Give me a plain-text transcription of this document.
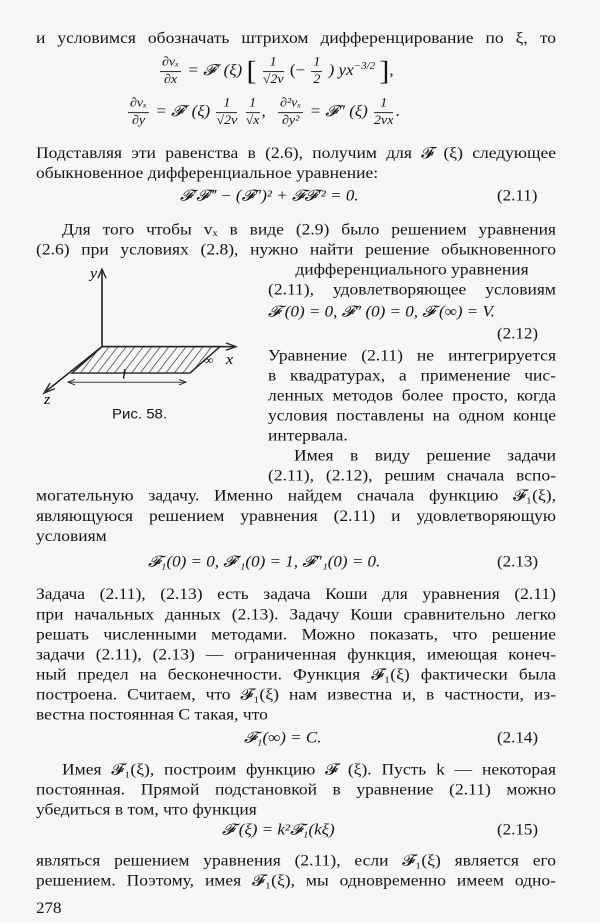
и условимся обозначать штрихом дифференцирование по ξ, то
$\frac{\text{∂vₓ}}{\partial x}$ = 𝓕′ (ξ) [ $\frac{1}{√2\nu}$ (− $\frac{1}{2}$ ) $yx^{-3/2}$ ],
$\frac{\text{∂vₓ}}{\partial y}$ = 𝓕′ $(\xi) \frac{1}{√2\nu}$
$\frac{1}{√x}$ , $\frac{\text{∂²vₓ}}{\text{∂y²}}$ = 𝓕″ $(\xi) \frac{1}{2\nu x}$ .
Подставляя эти равенства в (2.6), получим для 𝓕 (ξ) следующее
обыкновенное дифференциальное уравнение:
𝓕′𝓕‴ − (𝓕″)² + 𝓕𝓕′² = 0.	(2.11)
Для того чтобы vₓ в виде (2.9) было решением уравнения
(2.6) при условиях (2.8), нужно найти решение обыкновенного
дифференциального уравнения
(2.11), удовлетворяющее условиям
𝓕 (0) = 0, 𝓕″ (0) = 0, 𝓕 (∞) = V.
(2.12)
Уравнение (2.11) не интегрируется
в квадратурах, а применение чис-
ленных методов более просто, когда
условия поставлены на одном конце
интервала.
Имея в виду решение задачи
(2.11), (2.12), решим сначала вспо-
y
x
z
l
∞
Рис. 58.
могательную задачу. Именно найдем сначала функцию 𝓕₁(ξ),
являющуюся решением уравнения (2.11) и удовлетворяющую
условиям
𝓕₁(0) = 0, 𝓕′₁(0) = 1, 𝓕″₁(0) = 0.	(2.13)
Задача (2.11), (2.13) есть задача Коши для уравнения (2.11)
при начальных данных (2.13). Задачу Коши сравнительно легко
решать численными методами. Можно показать, что решение
задачи (2.11), (2.13) — ограниченная функция, имеющая конеч-
ный предел на бесконечности. Функция 𝓕₁(ξ) фактически была
построена. Считаем, что 𝓕₁(ξ) нам известна и, в частности, из-
вестна постоянная C такая, что
𝓕₁(∞) = C.	(2.14)
Имея 𝓕₁(ξ), построим функцию 𝓕 (ξ). Пусть k — некоторая
постоянная. Прямой подстановкой в уравнение (2.11) можно
убедиться в том, что функция
𝓕 (ξ) = k²𝓕₁(kξ)	(2.15)
являться решением уравнения (2.11), если 𝓕₁(ξ) является его
решением. Поэтому, имея 𝓕₁(ξ), мы одновременно имеем одно-
278
